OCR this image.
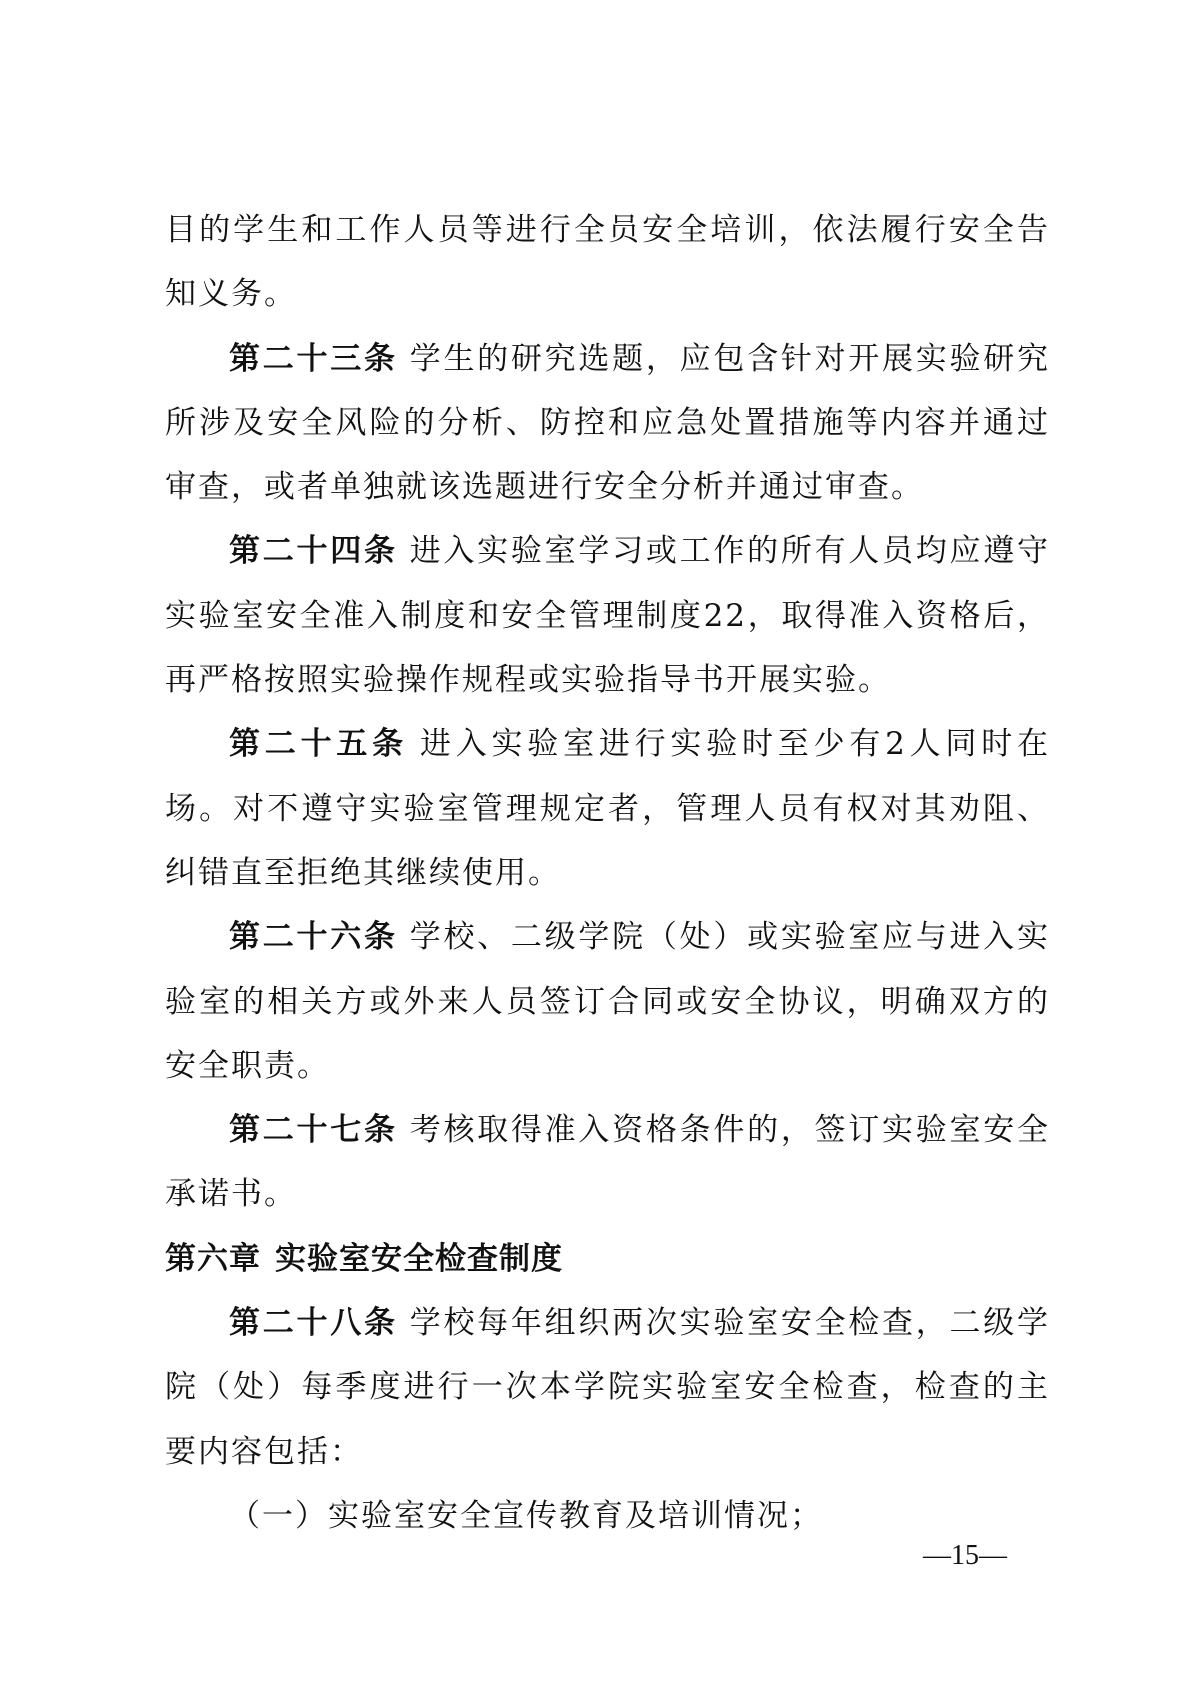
目的学生和工作人员等进行全员安全培训，依法履行安全告知义务。

第二十三条 学生的研究选题，应包含针对开展实验研究所涉及安全风险的分析、防控和应急处置措施等内容并通过审查，或者单独就该选题进行安全分析并通过审查。

第二十四条 进入实验室学习或工作的所有人员均应遵守实验室安全准入制度和安全管理制度22，取得准入资格后，再严格按照实验操作规程或实验指导书开展实验。

第二十五条 进入实验室进行实验时至少有2人同时在场。对不遵守实验室管理规定者，管理人员有权对其劝阻、纠错直至拒绝其继续使用。

第二十六条 学校、二级学院（处）或实验室应与进入实验室的相关方或外来人员签订合同或安全协议，明确双方的安全职责。

第二十七条 考核取得准入资格条件的，签订实验室安全承诺书。

第六章 实验室安全检查制度

第二十八条 学校每年组织两次实验室安全检查，二级学院（处）每季度进行一次本学院实验室安全检查，检查的主要内容包括：

（一）实验室安全宣传教育及培训情况；

—15—
